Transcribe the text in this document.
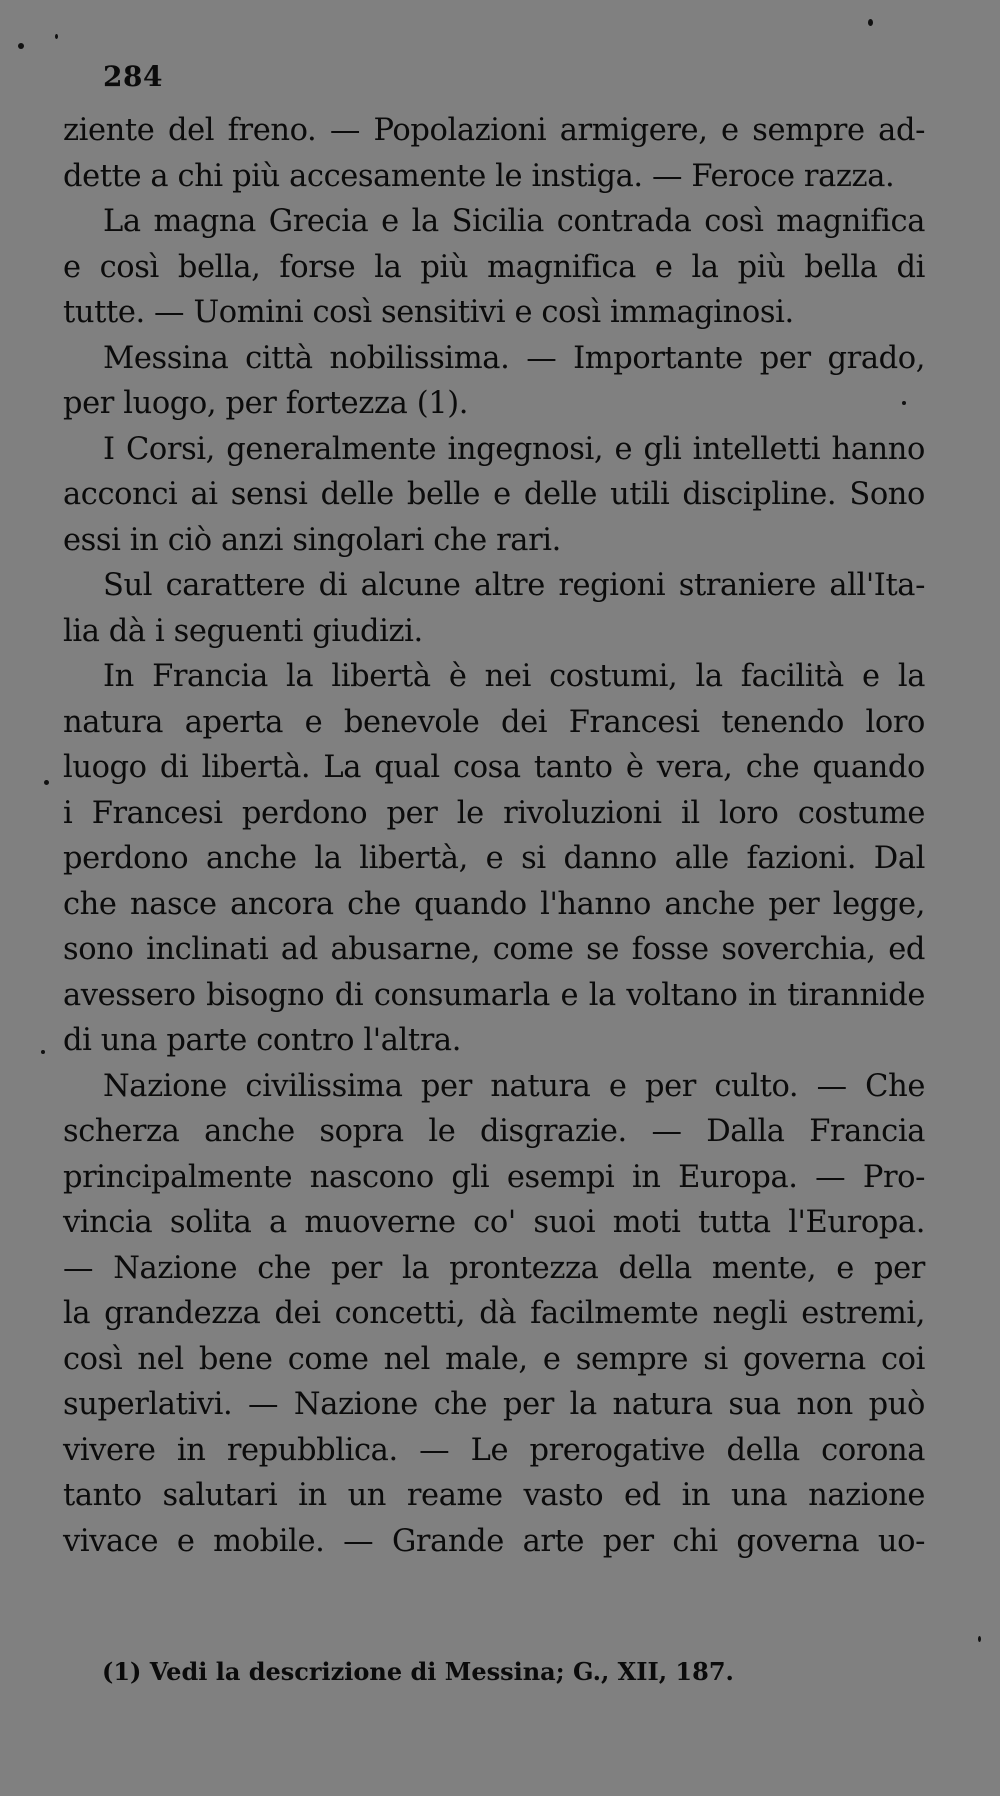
284
ziente del freno. — Popolazioni armigere, e sempre ad-
dette a chi più accesamente le instiga. — Feroce razza.
La magna Grecia e la Sicilia contrada così magnifica
e così bella, forse la più magnifica e la più bella di
tutte. — Uomini così sensitivi e così immaginosi.
Messina città nobilissima. — Importante per grado,
per luogo, per fortezza (1).
I Corsi, generalmente ingegnosi, e gli intelletti hanno
acconci ai sensi delle belle e delle utili discipline. Sono
essi in ciò anzi singolari che rari.
Sul carattere di alcune altre regioni straniere all'Ita-
lia dà i seguenti giudizi.
In Francia la libertà è nei costumi, la facilità e la
natura aperta e benevole dei Francesi tenendo loro
luogo di libertà. La qual cosa tanto è vera, che quando
i Francesi perdono per le rivoluzioni il loro costume
perdono anche la libertà, e si danno alle fazioni. Dal
che nasce ancora che quando l'hanno anche per legge,
sono inclinati ad abusarne, come se fosse soverchia, ed
avessero bisogno di consumarla e la voltano in tirannide
di una parte contro l'altra.
Nazione civilissima per natura e per culto. — Che
scherza anche sopra le disgrazie. — Dalla Francia
principalmente nascono gli esempi in Europa. — Pro-
vincia solita a muoverne co' suoi moti tutta l'Europa.
— Nazione che per la prontezza della mente, e per
la grandezza dei concetti, dà facilmemte negli estremi,
così nel bene come nel male, e sempre si governa coi
superlativi. — Nazione che per la natura sua non può
vivere in repubblica. — Le prerogative della corona
tanto salutari in un reame vasto ed in una nazione
vivace e mobile. — Grande arte per chi governa uo-
(1) Vedi la descrizione di Messina; G., XII, 187.
